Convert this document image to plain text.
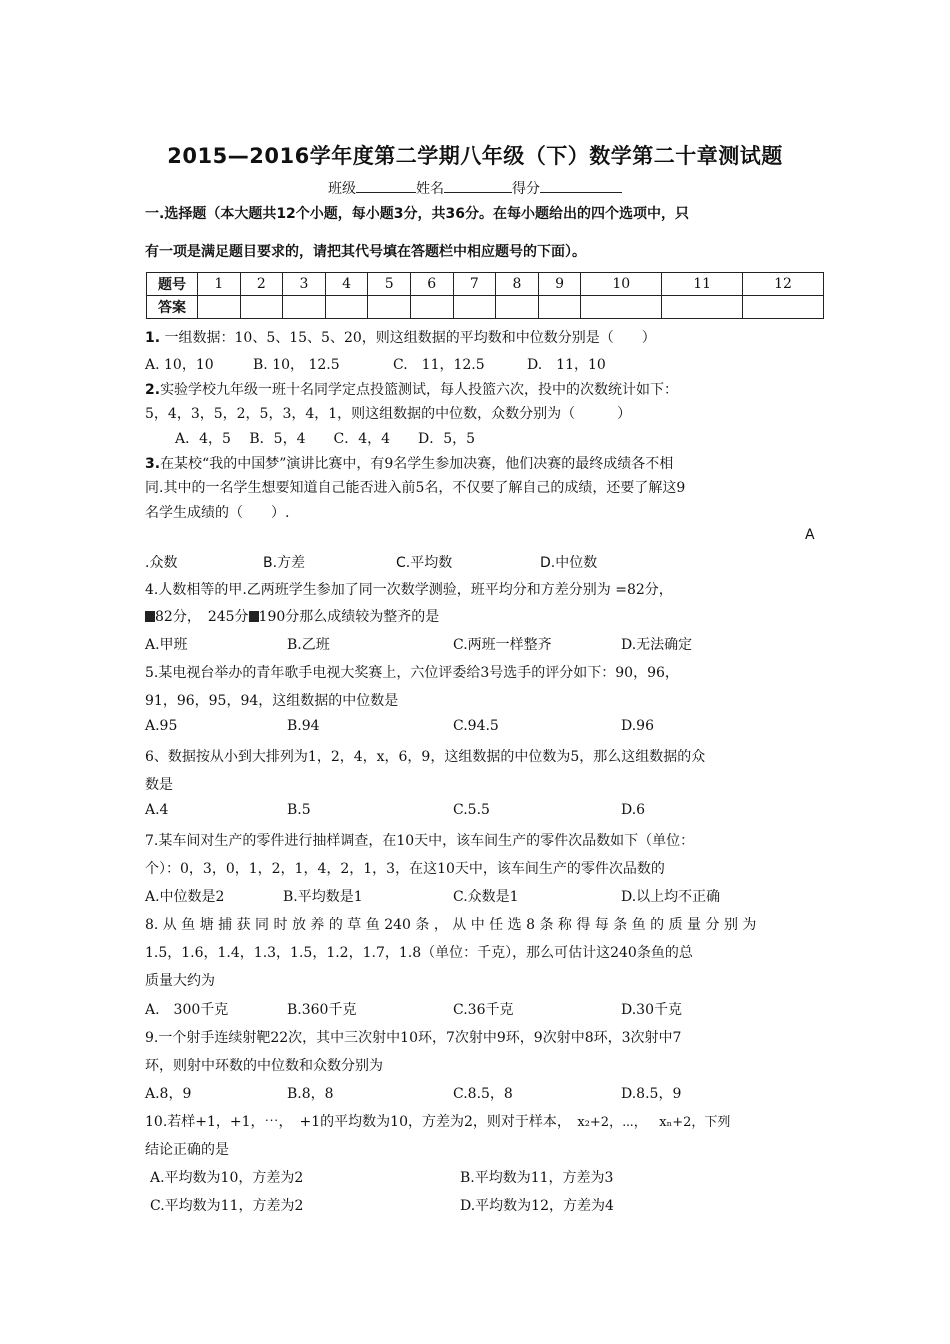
2015—2016学年度第二学期八年级（下）数学第二十章测试题
班级	姓名	得分
一.选择题（本大题共12个小题，每小题3分，共36分。在每小题给出的四个选项中，只
有一项是满足题目要求的，请把其代号填在答题栏中相应题号的下面）。
题号	1	2	3	4	5	6	7	8	9	10	11	12
答案												
1. 一组数据：10、5、15、5、20，则这组数据的平均数和中位数分别是（　　）
A. 10，10	B. 10， 12.5	C.　11，12.5	D.　11，10
2.实验学校九年级一班十名同学定点投篮测试，每人投篮六次，投中的次数统计如下：
5，4，3，5，2，5，3，4，1，则这组数据的中位数，众数分别为（　　　）
A．4，5　 B．5，4　　C．4，4　　D．5，5
3.在某校“我的中国梦”演讲比赛中，有9名学生参加决赛，他们决赛的最终成绩各不相
同.其中的一名学生想要知道自己能否进入前5名，不仅要了解自己的成绩，还要了解这9
名学生成绩的（　　）.
A
.众数	B.方差	C.平均数	D.中位数
4.人数相等的甲.乙两班学生参加了同一次数学测验，班平均分和方差分别为 =82分，
82分，　245分 190分那么成绩较为整齐的是
A.甲班	B.乙班	C.两班一样整齐	D.无法确定
5.某电视台举办的青年歌手电视大奖赛上，六位评委给3号选手的评分如下：90，96，
91，96，95，94，这组数据的中位数是
A.95	B.94	C.94.5	D.96
6、数据按从小到大排列为1，2，4，x，6，9，这组数据的中位数为5，那么这组数据的众
数是
A.4	B.5	C.5.5	D.6
7.某车间对生产的零件进行抽样调查，在10天中，该车间生产的零件次品数如下（单位：
个）：0，3，0，1，2，1，4，2，1，3，在这10天中，该车间生产的零件次品数的
A.中位数是2	B.平均数是1	C.众数是1	D.以上均不正确
8. 从 鱼 塘 捕 获 同 时 放 养 的 草 鱼 240 条 ， 从 中 任 选 8 条 称 得 每 条 鱼 的 质 量 分 别 为
1.5，1.6，1.4，1.3，1.5，1.2，1.7，1.8（单位：千克），那么可估计这240条鱼的总
质量大约为
A.　300千克	B.360千克	C.36千克	D.30千克
9.一个射手连续射靶22次，其中三次射中10环，7次射中9环，9次射中8环，3次射中7
环，则射中环数的中位数和众数分别为
A.8，9	B.8，8	C.8.5，8	D.8.5，9
10.若样+1，+1，⋯，　+1的平均数为10，方差为2，则对于样本， x₂+2，⋯， xₙ+2，下列
结论正确的是
A.平均数为10，方差为2	B.平均数为11，方差为3
C.平均数为11，方差为2	D.平均数为12，方差为4
